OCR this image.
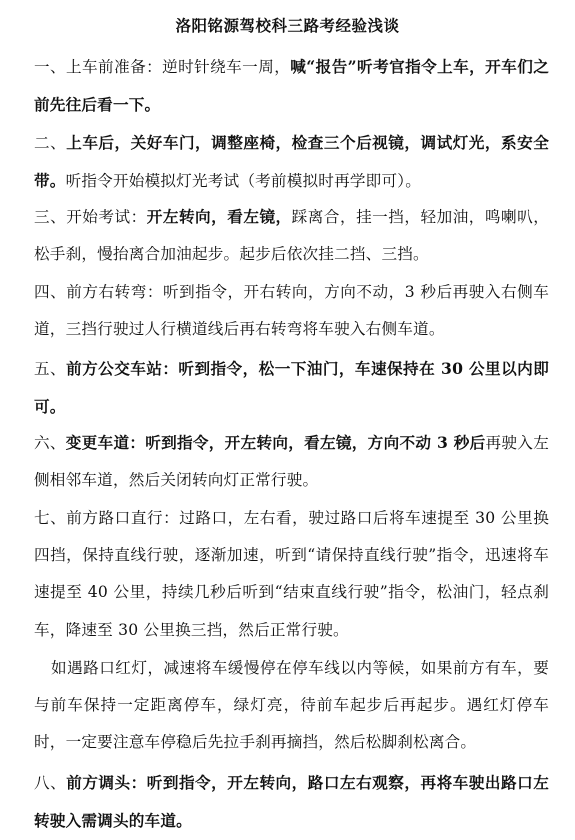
洛阳铭源驾校科三路考经验浅谈

一、上车前准备：逆时针绕车一周，喊“报告”听考官指令上车，开车们之前先往后看一下。

二、上车后，关好车门，调整座椅，检查三个后视镜，调试灯光，系安全带。听指令开始模拟灯光考试（考前模拟时再学即可）。

三、开始考试：开左转向，看左镜，踩离合，挂一挡，轻加油，鸣喇叭，松手刹，慢抬离合加油起步。起步后依次挂二挡、三挡。

四、前方右转弯：听到指令，开右转向，方向不动，3 秒后再驶入右侧车道，三挡行驶过人行横道线后再右转弯将车驶入右侧车道。

五、前方公交车站：听到指令，松一下油门，车速保持在 30 公里以内即可。

六、变更车道：听到指令，开左转向，看左镜，方向不动 3 秒后再驶入左侧相邻车道，然后关闭转向灯正常行驶。

七、前方路口直行：过路口，左右看，驶过路口后将车速提至 30 公里换四挡，保持直线行驶，逐渐加速，听到“请保持直线行驶”指令，迅速将车速提至 40 公里，持续几秒后听到“结束直线行驶”指令，松油门，轻点刹车，降速至 30 公里换三挡，然后正常行驶。

如遇路口红灯，减速将车缓慢停在停车线以内等候，如果前方有车，要与前车保持一定距离停车，绿灯亮，待前车起步后再起步。遇红灯停车时，一定要注意车停稳后先拉手刹再摘挡，然后松脚刹松离合。

八、前方调头：听到指令，开左转向，路口左右观察，再将车驶出路口左转驶入需调头的车道。
